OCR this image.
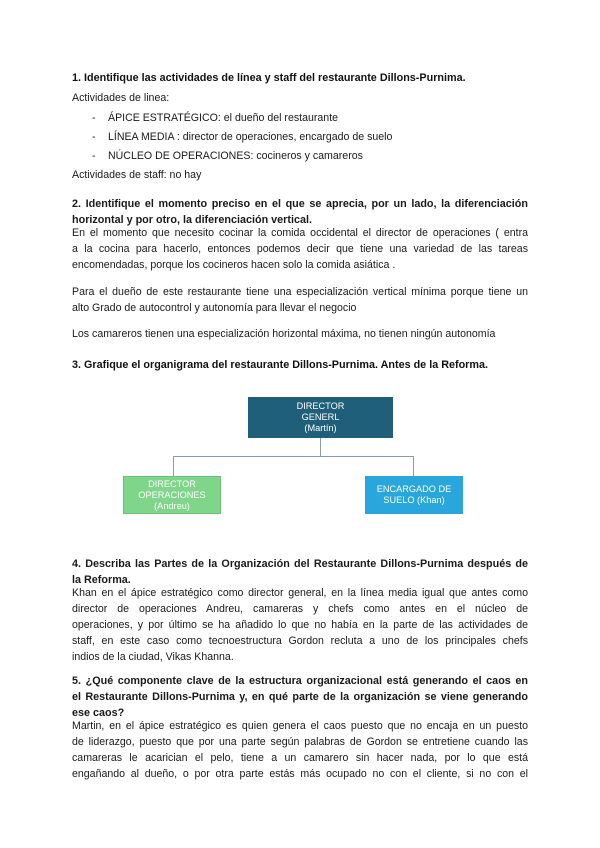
1. Identifique las actividades de línea y staff del restaurante Dillons-Purnima.
Actividades de linea:
- ÁPICE ESTRATÉGICO: el dueño del restaurante
- LÍNEA MEDIA : director de operaciones, encargado de suelo
- NÚCLEO DE OPERACIONES: cocineros y camareros
Actividades de staff: no hay
2. Identifique el momento preciso en el que se aprecia, por un lado, la diferenciación
horizontal y por otro, la diferenciación vertical.
En el momento que necesito cocinar la comida occidental el director de operaciones ( entra
a la cocina para hacerlo, entonces podemos decir que tiene una variedad de las tareas
encomendadas, porque los cocineros hacen solo la comida asiática .
Para el dueño de este restaurante tiene una especialización vertical mínima porque tiene un
alto Grado de autocontrol y autonomía para llevar el negocio
Los camareros tienen una especialización horizontal máxima, no tienen ningún autonomía
3. Grafique el organigrama del restaurante Dillons-Purnima. Antes de la Reforma.
DIRECTOR
GENERL
(Martín)
DIRECTOR
OPERACIONES
(Andreu)
ENCARGADO DE
SUELO (Khan)
4. Describa las Partes de la Organización del Restaurante Dillons-Purnima después de
la Reforma.
Khan en el ápice estratégico como director general, en la línea media igual que antes como
director de operaciones Andreu, camareras y chefs como antes en el núcleo de
operaciones, y por último se ha añadido lo que no había en la parte de las actividades de
staff, en este caso como tecnoestructura Gordon recluta a uno de los principales chefs
indios de la ciudad, Vikas Khanna.
5. ¿Qué componente clave de la estructura organizacional está generando el caos en
el Restaurante Dillons-Purnima y, en qué parte de la organización se viene generando
ese caos?
Martin, en el ápice estratégico es quien genera el caos puesto que no encaja en un puesto
de liderazgo, puesto que por una parte según palabras de Gordon se entretiene cuando las
camareras le acarician el pelo, tiene a un camarero sin hacer nada, por lo que está
engañando al dueño, o por otra parte estás más ocupado no con el cliente, si no con el
